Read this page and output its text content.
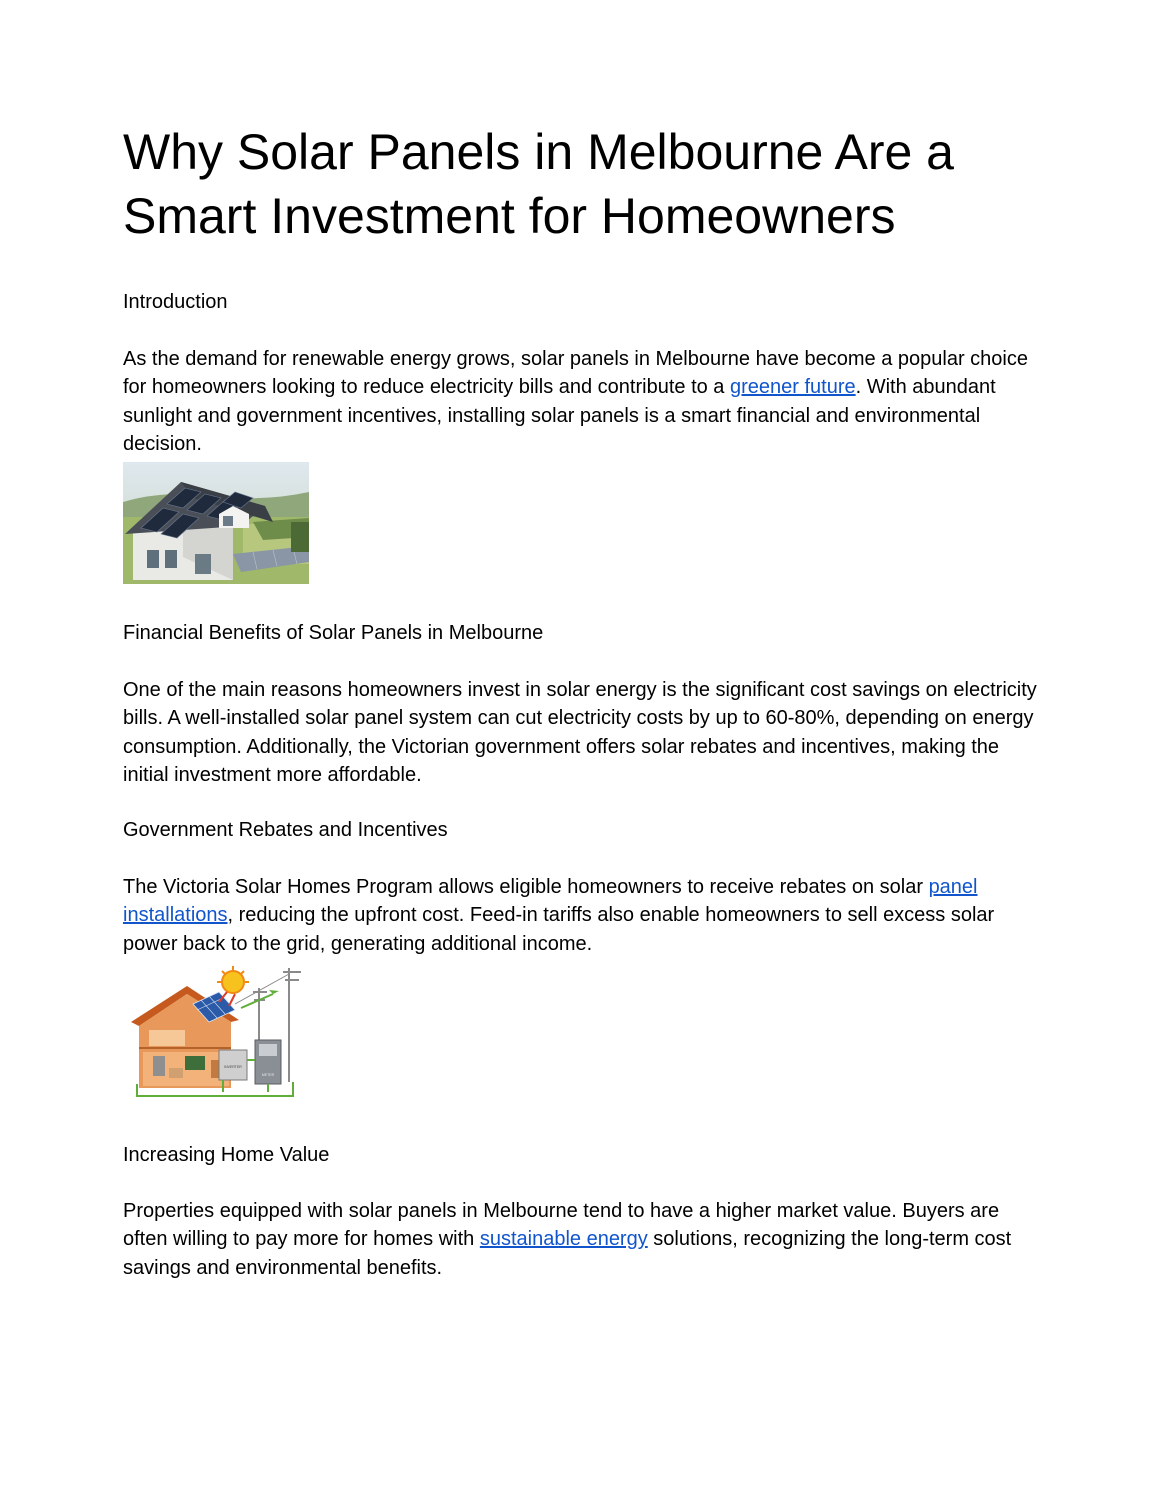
Why Solar Panels in Melbourne Are a Smart Investment for Homeowners

Introduction

As the demand for renewable energy grows, solar panels in Melbourne have become a popular choice for homeowners looking to reduce electricity bills and contribute to a greener future. With abundant sunlight and government incentives, installing solar panels is a smart financial and environmental decision.

Financial Benefits of Solar Panels in Melbourne

One of the main reasons homeowners invest in solar energy is the significant cost savings on electricity bills. A well-installed solar panel system can cut electricity costs by up to 60-80%, depending on energy consumption. Additionally, the Victorian government offers solar rebates and incentives, making the initial investment more affordable.

Government Rebates and Incentives

The Victoria Solar Homes Program allows eligible homeowners to receive rebates on solar panel installations, reducing the upfront cost. Feed-in tariffs also enable homeowners to sell excess solar power back to the grid, generating additional income.

INVERTER
METER

Increasing Home Value

Properties equipped with solar panels in Melbourne tend to have a higher market value. Buyers are often willing to pay more for homes with sustainable energy solutions, recognizing the long-term cost savings and environmental benefits.
